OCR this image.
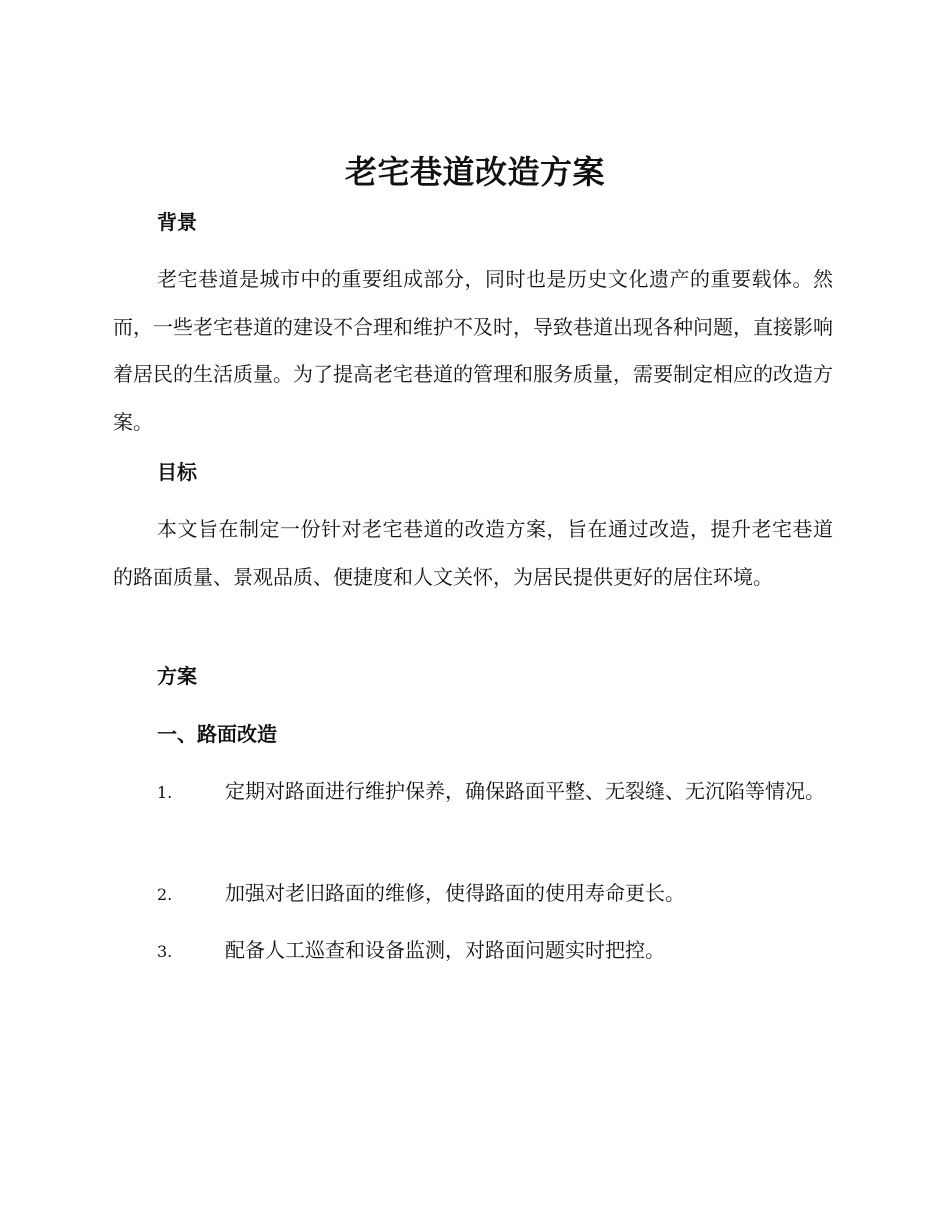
老宅巷道改造方案
背景

老宅巷道是城市中的重要组成部分，同时也是历史文化遗产的重要载体。然而，一些老宅巷道的建设不合理和维护不及时，导致巷道出现各种问题，直接影响着居民的生活质量。为了提高老宅巷道的管理和服务质量，需要制定相应的改造方案。

目标

本文旨在制定一份针对老宅巷道的改造方案，旨在通过改造，提升老宅巷道的路面质量、景观品质、便捷度和人文关怀，为居民提供更好的居住环境。

方案
一、路面改造

1.	定期对路面进行维护保养，确保路面平整、无裂缝、无沉陷等情况。

2.	加强对老旧路面的维修，使得路面的使用寿命更长。

3.	配备人工巡查和设备监测，对路面问题实时把控。
